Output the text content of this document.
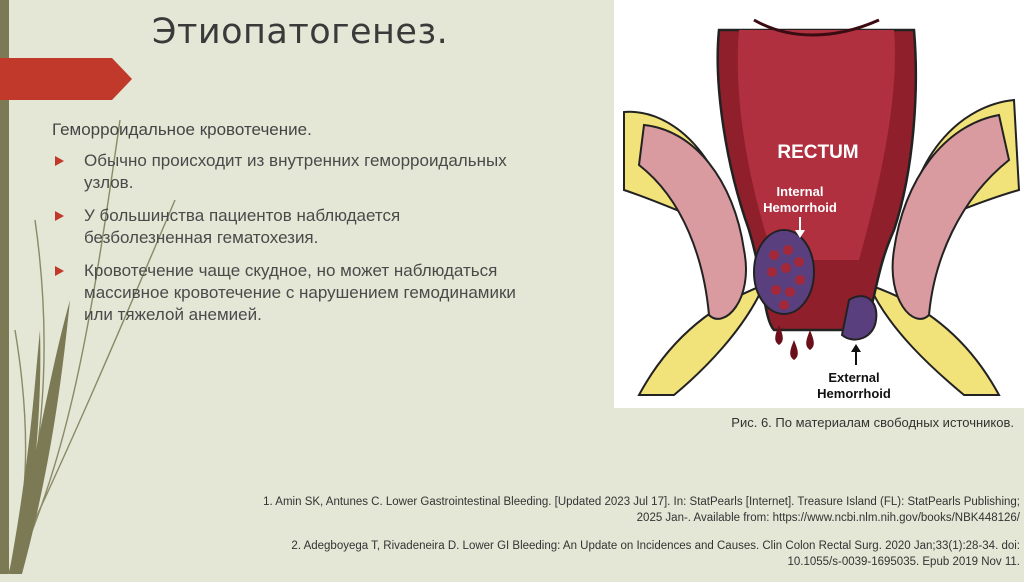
Этиопатогенез.
Геморроидальное кровотечение.
Обычно происходит из внутренних геморроидальных узлов.
У большинства пациентов наблюдается безболезненная гематохезия.
Кровотечение чаще скудное, но может наблюдаться массивное кровотечение с нарушением гемодинамики или тяжелой анемией.
RECTUM
Internal
Hemorrhoid
External
Hemorrhoid
Рис. 6. По материалам свободных источников.

1. Amin SK, Antunes C. Lower Gastrointestinal Bleeding. [Updated 2023 Jul 17]. In: StatPearls [Internet]. Treasure Island (FL): StatPearls Publishing; 2025 Jan-. Available from: https://www.ncbi.nlm.nih.gov/books/NBK448126/

2. Adegboyega T, Rivadeneira D. Lower GI Bleeding: An Update on Incidences and Causes. Clin Colon Rectal Surg. 2020 Jan;33(1):28-34. doi: 10.1055/s-0039-1695035. Epub 2019 Nov 11.
